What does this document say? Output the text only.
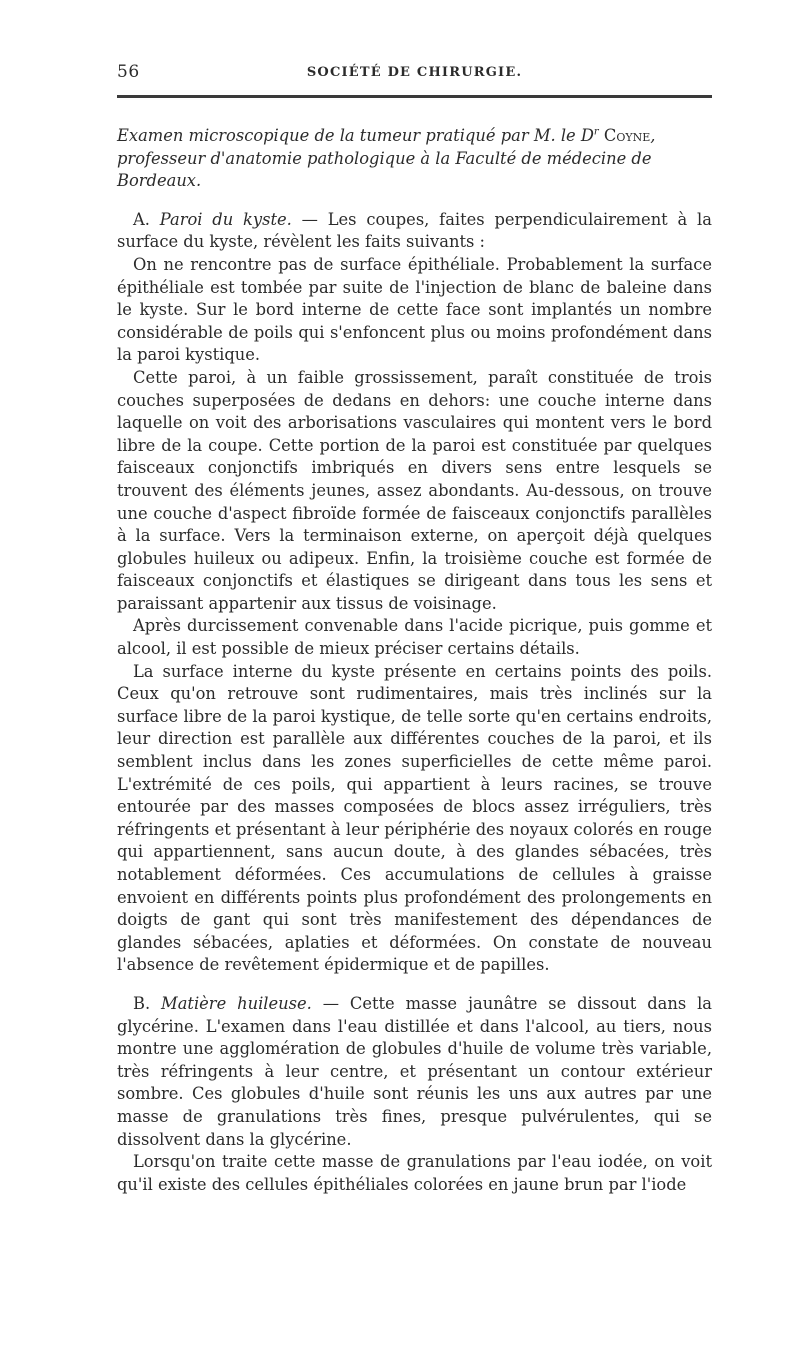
56	SOCIÉTÉ DE CHIRURGIE.

Examen microscopique de la tumeur pratiqué par M. le $D^r$ Coyne, professeur d'anatomie pathologique à la Faculté de médecine de Bordeaux.

A. Paroi du kyste. — Les coupes, faites perpendiculairement à la surface du kyste, révèlent les faits suivants :

On ne rencontre pas de surface épithéliale. Probablement la surface épithéliale est tombée par suite de l'injection de blanc de baleine dans le kyste. Sur le bord interne de cette face sont implantés un nombre considérable de poils qui s'enfoncent plus ou moins profondément dans la paroi kystique.

Cette paroi, à un faible grossissement, paraît constituée de trois couches superposées de dedans en dehors: une couche interne dans laquelle on voit des arborisations vasculaires qui montent vers le bord libre de la coupe. Cette portion de la paroi est constituée par quelques faisceaux conjonctifs imbriqués en divers sens entre lesquels se trouvent des éléments jeunes, assez abondants. Au-dessous, on trouve une couche d'aspect fibroïde formée de faisceaux conjonctifs parallèles à la surface. Vers la terminaison externe, on aperçoit déjà quelques globules huileux ou adipeux. Enfin, la troisième couche est formée de faisceaux conjonctifs et élastiques se dirigeant dans tous les sens et paraissant appartenir aux tissus de voisinage.

Après durcissement convenable dans l'acide picrique, puis gomme et alcool, il est possible de mieux préciser certains détails.

La surface interne du kyste présente en certains points des poils. Ceux qu'on retrouve sont rudimentaires, mais très inclinés sur la surface libre de la paroi kystique, de telle sorte qu'en certains endroits, leur direction est parallèle aux différentes couches de la paroi, et ils semblent inclus dans les zones superficielles de cette même paroi. L'extrémité de ces poils, qui appartient à leurs racines, se trouve entourée par des masses composées de blocs assez irréguliers, très réfringents et présentant à leur périphérie des noyaux colorés en rouge qui appartiennent, sans aucun doute, à des glandes sébacées, très notablement déformées. Ces accumulations de cellules à graisse envoient en différents points plus profondément des prolongements en doigts de gant qui sont très manifestement des dépendances de glandes sébacées, aplaties et déformées. On constate de nouveau l'absence de revêtement épidermique et de papilles.

B. Matière huileuse. — Cette masse jaunâtre se dissout dans la glycérine. L'examen dans l'eau distillée et dans l'alcool, au tiers, nous montre une agglomération de globules d'huile de volume très variable, très réfringents à leur centre, et présentant un contour extérieur sombre. Ces globules d'huile sont réunis les uns aux autres par une masse de granulations très fines, presque pulvérulentes, qui se dissolvent dans la glycérine.

Lorsqu'on traite cette masse de granulations par l'eau iodée, on voit qu'il existe des cellules épithéliales colorées en jaune brun par l'iode
